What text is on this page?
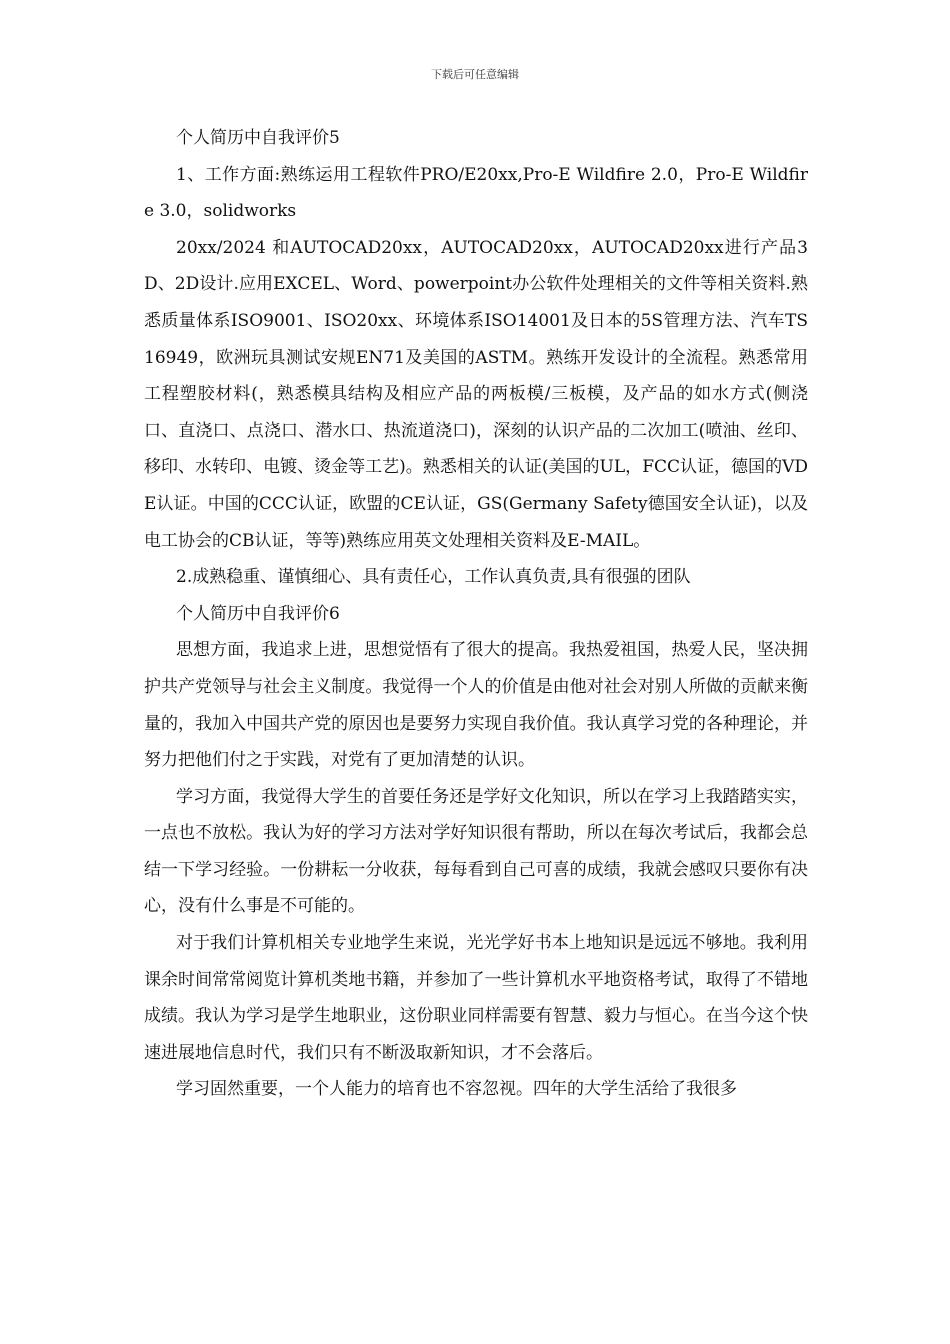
下载后可任意编辑

个人简历中自我评价5

1、工作方面:熟练运用工程软件PRO/E20xx,Pro-E Wildfire 2.0，Pro-E Wildfire 3.0，solidworks

20xx/2024 和AUTOCAD20xx，AUTOCAD20xx，AUTOCAD20xx进行产品3D、2D设计.应用EXCEL、Word、powerpoint办公软件处理相关的文件等相关资料.熟悉质量体系ISO9001、ISO20xx、环境体系ISO14001及日本的5S管理方法、汽车TS16949，欧洲玩具测试安规EN71及美国的ASTM。熟练开发设计的全流程。熟悉常用工程塑胶材料(，熟悉模具结构及相应产品的两板模/三板模，及产品的如水方式(侧浇口、直浇口、点浇口、潜水口、热流道浇口)，深刻的认识产品的二次加工(喷油、丝印、移印、水转印、电镀、烫金等工艺)。熟悉相关的认证(美国的UL，FCC认证，德国的VDE认证。中国的CCC认证，欧盟的CE认证，GS(Germany Safety德国安全认证)，以及电工协会的CB认证，等等)熟练应用英文处理相关资料及E-MAIL。

2.成熟稳重、谨慎细心、具有责任心，工作认真负责,具有很强的团队

个人简历中自我评价6

思想方面，我追求上进，思想觉悟有了很大的提高。我热爱祖国，热爱人民，坚决拥护共产党领导与社会主义制度。我觉得一个人的价值是由他对社会对别人所做的贡献来衡量的，我加入中国共产党的原因也是要努力实现自我价值。我认真学习党的各种理论，并努力把他们付之于实践，对党有了更加清楚的认识。

学习方面，我觉得大学生的首要任务还是学好文化知识，所以在学习上我踏踏实实，一点也不放松。我认为好的学习方法对学好知识很有帮助，所以在每次考试后，我都会总结一下学习经验。一份耕耘一分收获，每每看到自己可喜的成绩，我就会感叹只要你有决心，没有什么事是不可能的。

对于我们计算机相关专业地学生来说，光光学好书本上地知识是远远不够地。我利用课余时间常常阅览计算机类地书籍，并参加了一些计算机水平地资格考试，取得了不错地成绩。我认为学习是学生地职业，这份职业同样需要有智慧、毅力与恒心。在当今这个快速进展地信息时代，我们只有不断汲取新知识，才不会落后。

学习固然重要，一个人能力的培育也不容忽视。四年的大学生活给了我很多
